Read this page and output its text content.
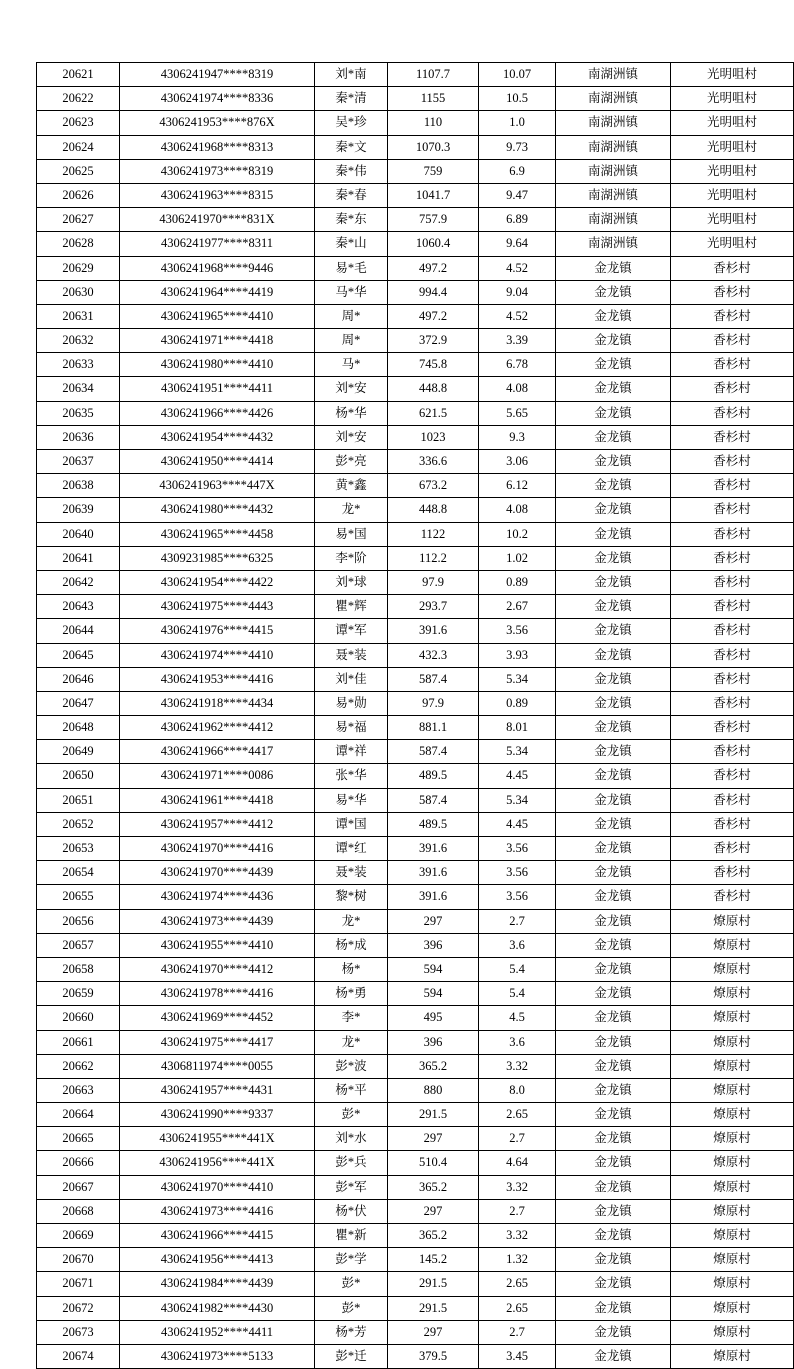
20621	4306241947****8319	刘*南	1107.7	10.07	南湖洲镇	光明咀村
20622	4306241974****8336	秦*清	1155	10.5	南湖洲镇	光明咀村
20623	4306241953****876X	吴*珍	110	1.0	南湖洲镇	光明咀村
20624	4306241968****8313	秦*文	1070.3	9.73	南湖洲镇	光明咀村
20625	4306241973****8319	秦*伟	759	6.9	南湖洲镇	光明咀村
20626	4306241963****8315	秦*春	1041.7	9.47	南湖洲镇	光明咀村
20627	4306241970****831X	秦*东	757.9	6.89	南湖洲镇	光明咀村
20628	4306241977****8311	秦*山	1060.4	9.64	南湖洲镇	光明咀村
20629	4306241968****9446	易*毛	497.2	4.52	金龙镇	香杉村
20630	4306241964****4419	马*华	994.4	9.04	金龙镇	香杉村
20631	4306241965****4410	周*	497.2	4.52	金龙镇	香杉村
20632	4306241971****4418	周*	372.9	3.39	金龙镇	香杉村
20633	4306241980****4410	马*	745.8	6.78	金龙镇	香杉村
20634	4306241951****4411	刘*安	448.8	4.08	金龙镇	香杉村
20635	4306241966****4426	杨*华	621.5	5.65	金龙镇	香杉村
20636	4306241954****4432	刘*安	1023	9.3	金龙镇	香杉村
20637	4306241950****4414	彭*亮	336.6	3.06	金龙镇	香杉村
20638	4306241963****447X	黄*鑫	673.2	6.12	金龙镇	香杉村
20639	4306241980****4432	龙*	448.8	4.08	金龙镇	香杉村
20640	4306241965****4458	易*国	1122	10.2	金龙镇	香杉村
20641	4309231985****6325	李*阶	112.2	1.02	金龙镇	香杉村
20642	4306241954****4422	刘*球	97.9	0.89	金龙镇	香杉村
20643	4306241975****4443	瞿*辉	293.7	2.67	金龙镇	香杉村
20644	4306241976****4415	谭*军	391.6	3.56	金龙镇	香杉村
20645	4306241974****4410	聂*装	432.3	3.93	金龙镇	香杉村
20646	4306241953****4416	刘*佳	587.4	5.34	金龙镇	香杉村
20647	4306241918****4434	易*勋	97.9	0.89	金龙镇	香杉村
20648	4306241962****4412	易*福	881.1	8.01	金龙镇	香杉村
20649	4306241966****4417	谭*祥	587.4	5.34	金龙镇	香杉村
20650	4306241971****0086	张*华	489.5	4.45	金龙镇	香杉村
20651	4306241961****4418	易*华	587.4	5.34	金龙镇	香杉村
20652	4306241957****4412	谭*国	489.5	4.45	金龙镇	香杉村
20653	4306241970****4416	谭*红	391.6	3.56	金龙镇	香杉村
20654	4306241970****4439	聂*装	391.6	3.56	金龙镇	香杉村
20655	4306241974****4436	黎*树	391.6	3.56	金龙镇	香杉村
20656	4306241973****4439	龙*	297	2.7	金龙镇	燎原村
20657	4306241955****4410	杨*成	396	3.6	金龙镇	燎原村
20658	4306241970****4412	杨*	594	5.4	金龙镇	燎原村
20659	4306241978****4416	杨*勇	594	5.4	金龙镇	燎原村
20660	4306241969****4452	李*	495	4.5	金龙镇	燎原村
20661	4306241975****4417	龙*	396	3.6	金龙镇	燎原村
20662	4306811974****0055	彭*波	365.2	3.32	金龙镇	燎原村
20663	4306241957****4431	杨*平	880	8.0	金龙镇	燎原村
20664	4306241990****9337	彭*	291.5	2.65	金龙镇	燎原村
20665	4306241955****441X	刘*水	297	2.7	金龙镇	燎原村
20666	4306241956****441X	彭*兵	510.4	4.64	金龙镇	燎原村
20667	4306241970****4410	彭*军	365.2	3.32	金龙镇	燎原村
20668	4306241973****4416	杨*伏	297	2.7	金龙镇	燎原村
20669	4306241966****4415	瞿*新	365.2	3.32	金龙镇	燎原村
20670	4306241956****4413	彭*学	145.2	1.32	金龙镇	燎原村
20671	4306241984****4439	彭*	291.5	2.65	金龙镇	燎原村
20672	4306241982****4430	彭*	291.5	2.65	金龙镇	燎原村
20673	4306241952****4411	杨*芳	297	2.7	金龙镇	燎原村
20674	4306241973****5133	彭*迁	379.5	3.45	金龙镇	燎原村
